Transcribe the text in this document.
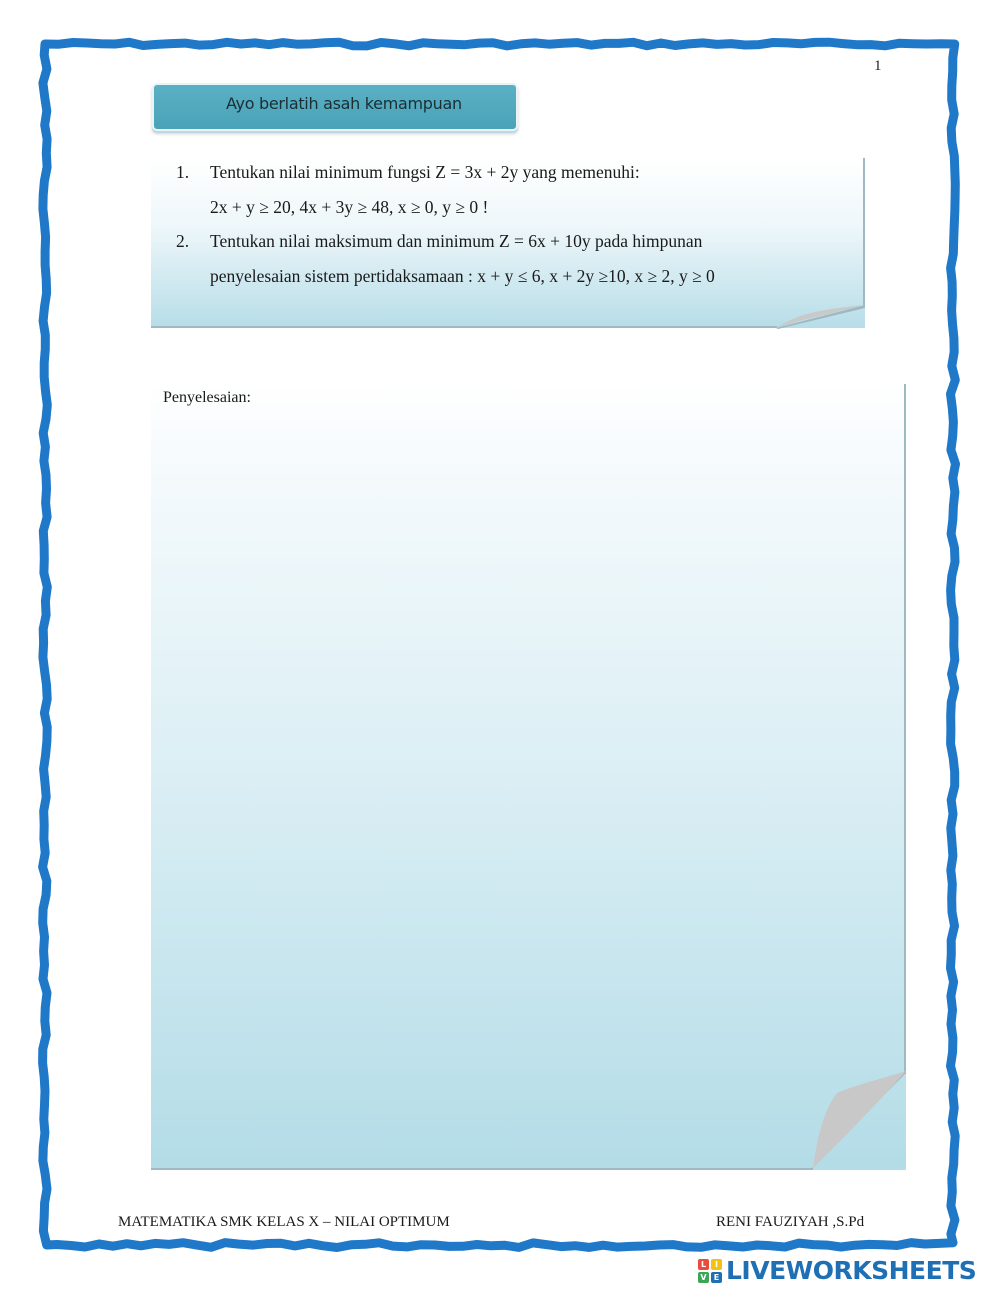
1
Ayo berlatih asah kemampuan
1. Tentukan nilai minimum fungsi Z = 3x + 2y yang memenuhi:
2x + y ≥ 20, 4x + 3y ≥ 48, x ≥ 0, y ≥ 0 !
2. Tentukan nilai maksimum dan minimum Z = 6x + 10y pada himpunan
penyelesaian sistem pertidaksamaan : x + y ≤ 6, x + 2y ≥10, x ≥ 2, y ≥ 0
Penyelesaian:
MATEMATIKA SMK KELAS X – NILAI OPTIMUM	RENI FAUZIYAH ,S.Pd
L	I
V E LIVEWORKSHEETS
